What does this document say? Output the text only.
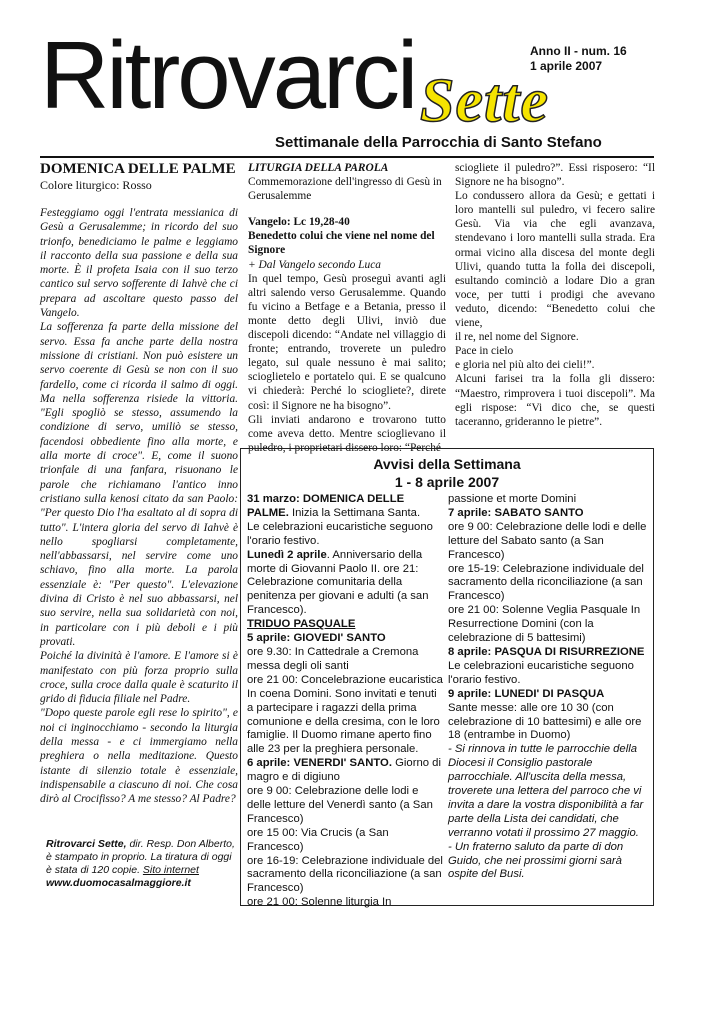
Ritrovarci Sette
Anno II - num. 16
1 aprile 2007
Settimanale della Parrocchia di Santo Stefano
DOMENICA DELLE PALME
Colore liturgico: Rosso

Festeggiamo oggi l'entrata messianica di Gesù a Gerusalemme; in ricordo del suo trionfo, benediciamo le palme e leggiamo il racconto della sua passione e della sua morte. È il profeta Isaia con il suo terzo cantico sul servo sofferente di Iahvè che ci prepara ad ascoltare questo passo del Vangelo.

La sofferenza fa parte della missione del servo. Essa fa anche parte della nostra missione di cristiani. Non può esistere un servo coerente di Gesù se non con il suo fardello, come ci ricorda il salmo di oggi. Ma nella sofferenza risiede la vittoria. "Egli spogliò se stesso, assumendo la condizione di servo, umiliò se stesso, facendosi obbediente fino alla morte, e alla morte di croce". E, come il suono trionfale di una fanfara, risuonano le parole che richiamano l'antico inno cristiano sulla kenosi citato da san Paolo: "Per questo Dio l'ha esaltato al di sopra di tutto". L'intera gloria del servo di Iahvè è nello spogliarsi completamente, nell'abbassarsi, nel servire come uno schiavo, fino alla morte. La parola essenziale è: "Per questo". L'elevazione divina di Cristo è nel suo abbassarsi, nel suo servire, nella sua solidarietà con noi, in particolare con i più deboli e i più provati.

Poiché la divinità è l'amore. E l'amore si è manifestato con più forza proprio sulla croce, sulla croce dalla quale è scaturito il grido di fiducia filiale nel Padre.

"Dopo queste parole egli rese lo spirito", e noi ci inginocchiamo - secondo la liturgia della messa - e ci immergiamo nella preghiera o nella meditazione. Questo istante di silenzio totale è essenziale, indispensabile a ciascuno di noi. Che cosa dirò al Crocifisso? A me stesso? Al Padre?

Ritrovarci Sette, dir. Resp. Don Alberto, è stampato in proprio. La tiratura di oggi è stata di 120 copie. Sito internet
www.duomocasalmaggiore.it

LITURGIA DELLA PAROLA

Commemorazione dell'ingresso di Gesù in Gerusalemme

Vangelo: Lc 19,28-40

Benedetto colui che viene nel nome del Signore

+ Dal Vangelo secondo Luca

In quel tempo, Gesù proseguì avanti agli altri salendo verso Gerusalemme. Quando fu vicino a Betfage e a Betania, presso il monte detto degli Ulivi, inviò due discepoli dicendo: “Andate nel villaggio di fronte; entrando, troverete un puledro legato, sul quale nessuno è mai salito; scioglietelo e portatelo qui. E se qualcuno vi chiederà: Perché lo sciogliete?, direte così: il Signore ne ha bisogno”.

Gli inviati andarono e trovarono tutto come aveva detto. Mentre scioglievano il puledro, i proprietari dissero loro: “Perché

sciogliete il puledro?”. Essi risposero: “Il Signore ne ha bisogno”.

Lo condussero allora da Gesù; e gettati i loro mantelli sul puledro, vi fecero salire Gesù. Via via che egli avanzava, stendevano i loro mantelli sulla strada. Era ormai vicino alla discesa del monte degli Ulivi, quando tutta la folla dei discepoli, esultando cominciò a lodare Dio a gran voce, per tutti i prodigi che avevano veduto, dicendo: “Benedetto colui che viene,

il re, nel nome del Signore.

Pace in cielo

e gloria nel più alto dei cieli!”.

Alcuni farisei tra la folla gli dissero: “Maestro, rimprovera i tuoi discepoli”. Ma egli rispose: “Vi dico che, se questi taceranno, grideranno le pietre”.

Avvisi della Settimana
1 - 8 aprile 2007

31 marzo: DOMENICA DELLE PALME. Inizia la Settimana Santa.

Le celebrazioni eucaristiche seguono l'orario festivo.

Lunedì 2 aprile. Anniversario della morte di Giovanni Paolo II. ore 21: Celebrazione comunitaria della penitenza per giovani e adulti (a san Francesco).

TRIDUO PASQUALE

5 aprile: GIOVEDI' SANTO

ore 9.30: In Cattedrale a Cremona messa degli oli santi

ore 21 00: Concelebrazione eucaristica In coena Domini. Sono invitati e tenuti a partecipare i ragazzi della prima comunione e della cresima, con le loro famiglie. Il Duomo rimane aperto fino alle 23 per la preghiera personale.

6 aprile: VENERDI' SANTO. Giorno di magro e di digiuno

ore 9 00: Celebrazione delle lodi e delle letture del Venerdì santo (a San Francesco)

ore 15 00: Via Crucis (a San Francesco)

ore 16-19: Celebrazione individuale del sacramento della riconciliazione (a san Francesco)

ore 21 00: Solenne liturgia In

passione et morte Domini

7 aprile: SABATO SANTO

ore 9 00: Celebrazione delle lodi e delle letture del Sabato santo (a San Francesco)

ore 15-19: Celebrazione individuale del sacramento della riconciliazione (a san Francesco)

ore 21 00: Solenne Veglia Pasquale In Resurrectione Domini (con la celebrazione di 5 battesimi)

8 aprile: PASQUA DI RISURREZIONE

Le celebrazioni eucaristiche seguono l'orario festivo.

9 aprile: LUNEDI' DI PASQUA

Sante messe: alle ore 10 30 (con celebrazione di 10 battesimi) e alle ore 18 (entrambe in Duomo)

- Si rinnova in tutte le parrocchie della Diocesi il Consiglio pastorale parrocchiale. All'uscita della messa, troverete una lettera del parroco che vi invita a dare la vostra disponibilità a far parte della Lista dei candidati, che verranno votati il prossimo 27 maggio.

- Un fraterno saluto da parte di don Guido, che nei prossimi giorni sarà ospite del Busi.
